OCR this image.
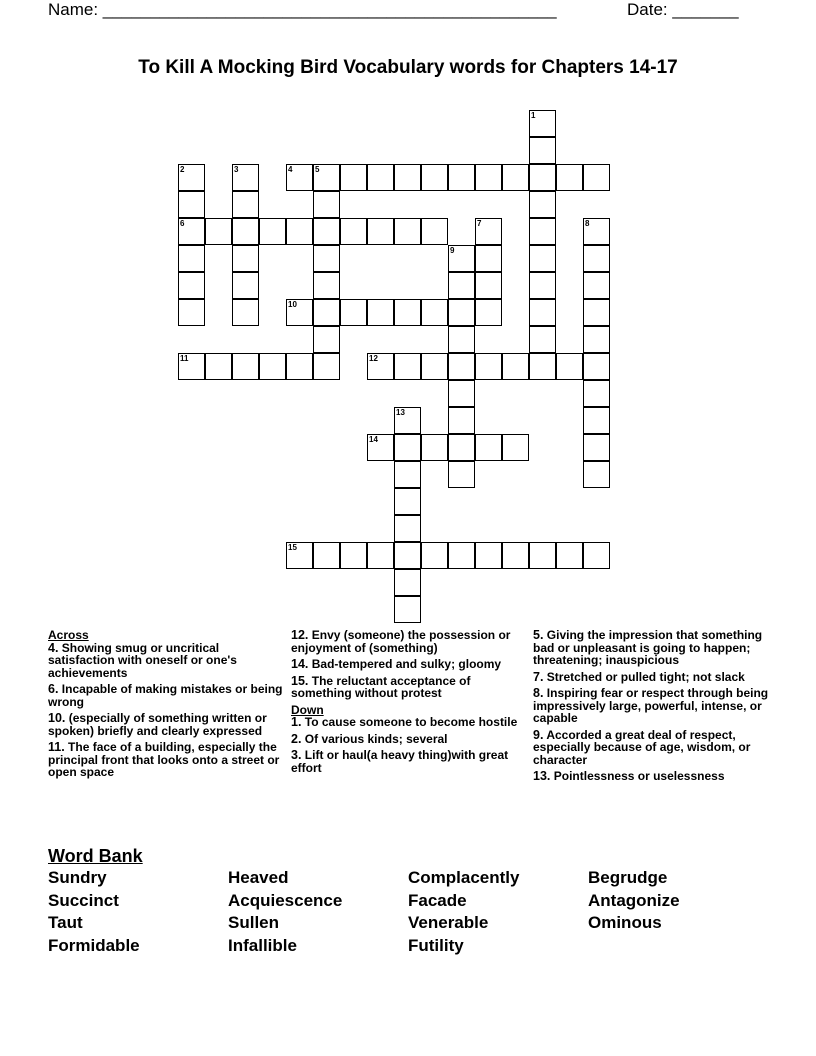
Name: ________________________________________________	Date: _______
To Kill A Mocking Bird Vocabulary words for Chapters 14-17
1
2
6
3	4	5
7	8
9
10
11	12
13
14
15
Across
4. Showing smug or uncritical satisfaction with oneself or one's achievements
6. Incapable of making mistakes or being wrong
10. (especially of something written or spoken) briefly and clearly expressed
11. The face of a building, especially the principal front that looks onto a street or open space
12. Envy (someone) the possession or enjoyment of (something)
14. Bad-tempered and sulky; gloomy
15. The reluctant acceptance of something without protest
Down
1. To cause someone to become hostile
2. Of various kinds; several
3. Lift or haul(a heavy thing)with great effort
5. Giving the impression that something bad or unpleasant is going to happen; threatening; inauspicious
7. Stretched or pulled tight; not slack
8. Inspiring fear or respect through being impressively large, powerful, intense, or capable
9. Accorded a great deal of respect, especially because of age, wisdom, or character
13. Pointlessness or uselessness
Word Bank
Sundry
Succinct
Taut
Formidable
Heaved
Acquiescence
Sullen
Infallible
Complacently
Facade
Venerable
Futility
Begrudge
Antagonize
Ominous
